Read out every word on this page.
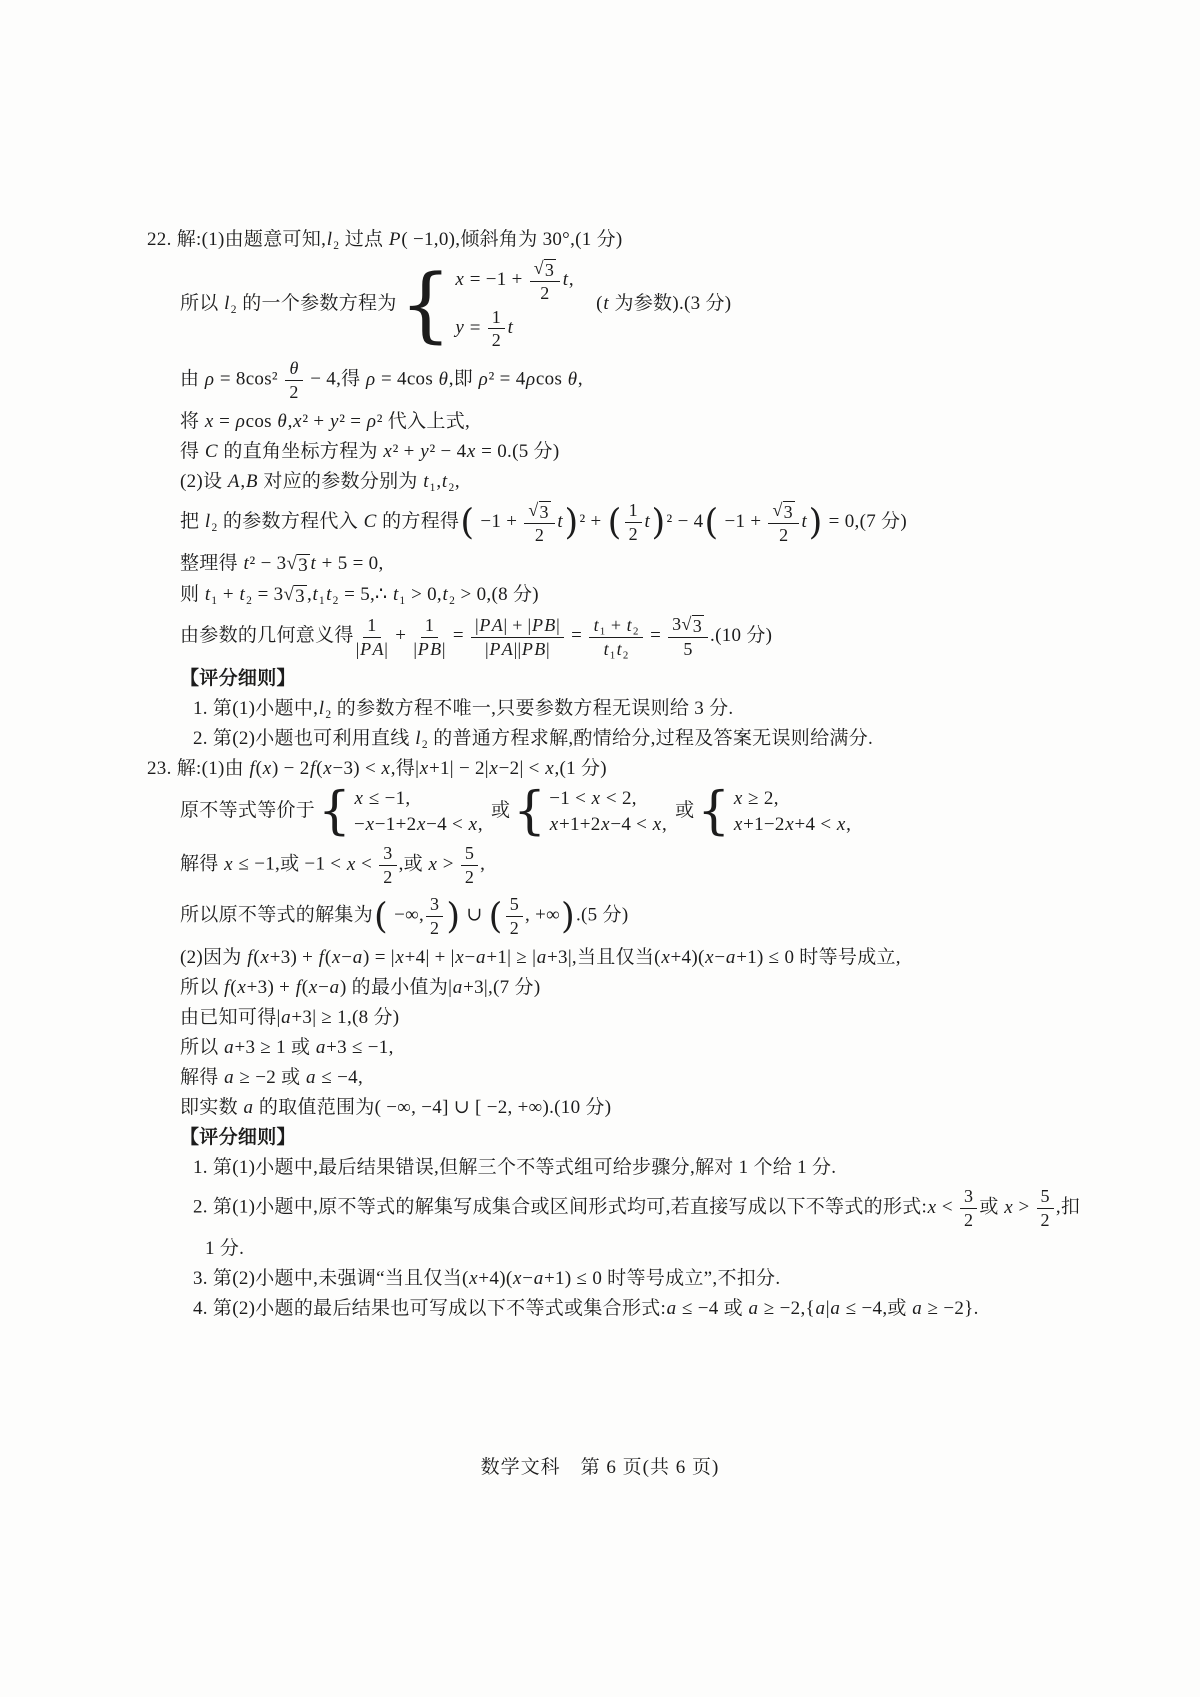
22. 解:(1)由题意可知,l₂ 过点 P( −1,0),倾斜角为 30°,(1 分)
所以 l₂ 的一个参数方程为 { $x = -1 + \frac{√ 3}{2} t$,
$y = \frac{1}{2}$ t
　(t 为参数).(3 分)
由 $\rho = 8\cos^2 \frac{\theta}{2} - 4$,得 ρ = 4cos θ,即 ρ² = 4ρcos θ,
将 x = ρcos θ,x² + y² = ρ² 代入上式,
得 C 的直角坐标方程为 x² + y² − 4x = 0.(5 分)
(2)设 A,B 对应的参数分别为 t₁,t₂,
把 l₂ 的参数方程代入 C 的方程得( $-1 + \frac{√ 3}{2} t)^2$ + ( $\frac{1}{2} t)^2 - 4( -1 + \frac{√ 3}{2} t) = 0,(7$ 分)
整理得 t² − 3 √ 3 t + 5 = 0,
则 t₁ + t₂ = 3 √ 3 ,t₁t₂ = 5,∴ t₁ > 0,t₂ > 0,(8 分)
由参数的几何意义得 $\frac{1}{|PA|} + \frac{1}{|PB|} = \frac{|PA| + |PB|}{|PA||PB|} = \frac{\text{t₁ + t₂}}{\text{t₁t₂}} = \frac{3 √ 3}{5} .(10$ 分)
【评分细则】
1. 第(1)小题中,l₂ 的参数方程不唯一,只要参数方程无误则给 3 分.
2. 第(2)小题也可利用直线 l₂ 的普通方程求解,酌情给分,过程及答案无误则给满分.
23. 解:(1)由 f(x) − 2f(x−3) < x,得|x+1| − 2|x−2| < x,(1 分)
原不等式等价于 { x ≤ −1,
−x−1+2x−4 < x,
或 { −1 < x < 2,
x+1+2x−4 < x,
或 { x ≥ 2,
x+1−2x+4 < x,
解得 x ≤ −1,或 $-1 < x < \frac{3}{2}$ ,或 $x > \frac{5}{2}$ ,
所以原不等式的解集为( −∞, $\frac{3}{2}$ ) ∪ ( $\frac{5}{2}$ , +∞).(5 分)
(2)因为 f(x+3) + f(x−a) = |x+4| + |x−a+1| ≥ |a+3|,当且仅当(x+4)(x−a+1) ≤ 0 时等号成立,
所以 f(x+3) + f(x−a) 的最小值为|a+3|,(7 分)
由已知可得|a+3| ≥ 1,(8 分)
所以 a+3 ≥ 1 或 a+3 ≤ −1,
解得 a ≥ −2 或 a ≤ −4,
即实数 a 的取值范围为( −∞, −4] ∪ [ −2, +∞).(10 分)
【评分细则】
1. 第(1)小题中,最后结果错误,但解三个不等式组可给步骤分,解对 1 个给 1 分.
2. 第(1)小题中,原不等式的解集写成集合或区间形式均可,若直接写成以下不等式的形式:x < $\frac{3}{2}$ 或 $x > \frac{5}{2}$ ,扣
1 分.
3. 第(2)小题中,未强调“当且仅当(x+4)(x−a+1) ≤ 0 时等号成立”,不扣分.
4. 第(2)小题的最后结果也可写成以下不等式或集合形式:a ≤ −4 或 a ≥ −2,{a|a ≤ −4,或 a ≥ −2}.
数学文科　第 6 页(共 6 页)
